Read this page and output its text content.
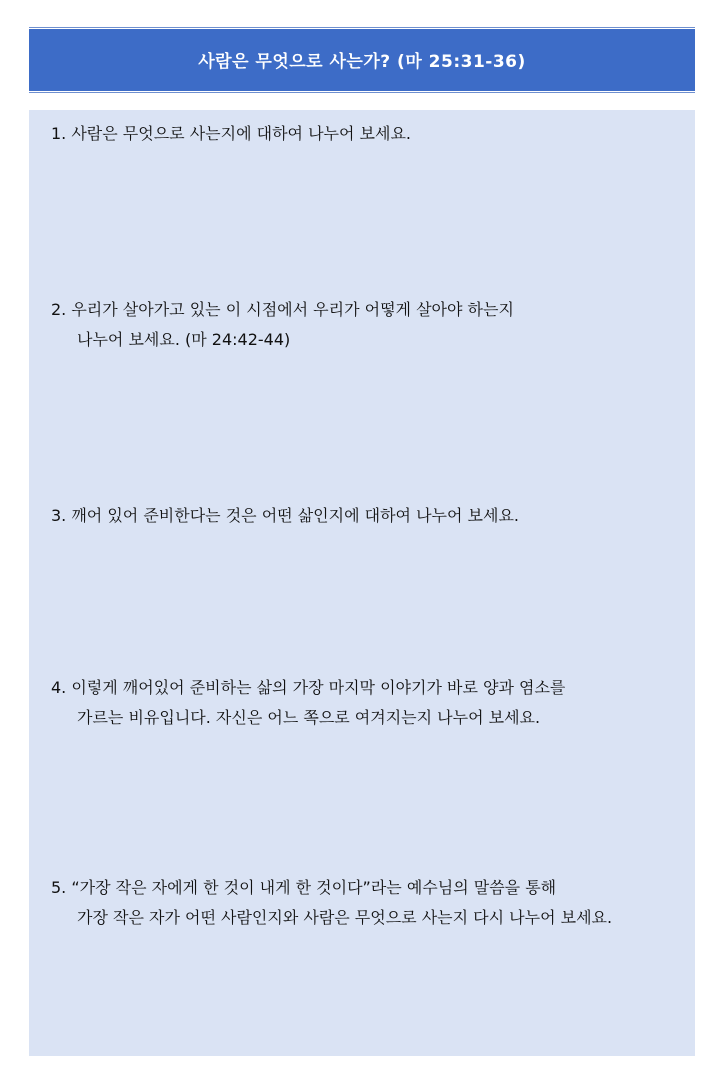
사람은 무엇으로 사는가? (마 25:31-36)
1. 사람은 무엇으로 사는지에 대하여 나누어 보세요.
2. 우리가 살아가고 있는 이 시점에서 우리가 어떻게 살아야 하는지
나누어 보세요. (마 24:42-44)
3. 깨어 있어 준비한다는 것은 어떤 삶인지에 대하여 나누어 보세요.
4. 이렇게 깨어있어 준비하는 삶의 가장 마지막 이야기가 바로 양과 염소를
가르는 비유입니다. 자신은 어느 쪽으로 여겨지는지 나누어 보세요.
5. “가장 작은 자에게 한 것이 내게 한 것이다”라는 예수님의 말씀을 통해
가장 작은 자가 어떤 사람인지와 사람은 무엇으로 사는지 다시 나누어 보세요.
